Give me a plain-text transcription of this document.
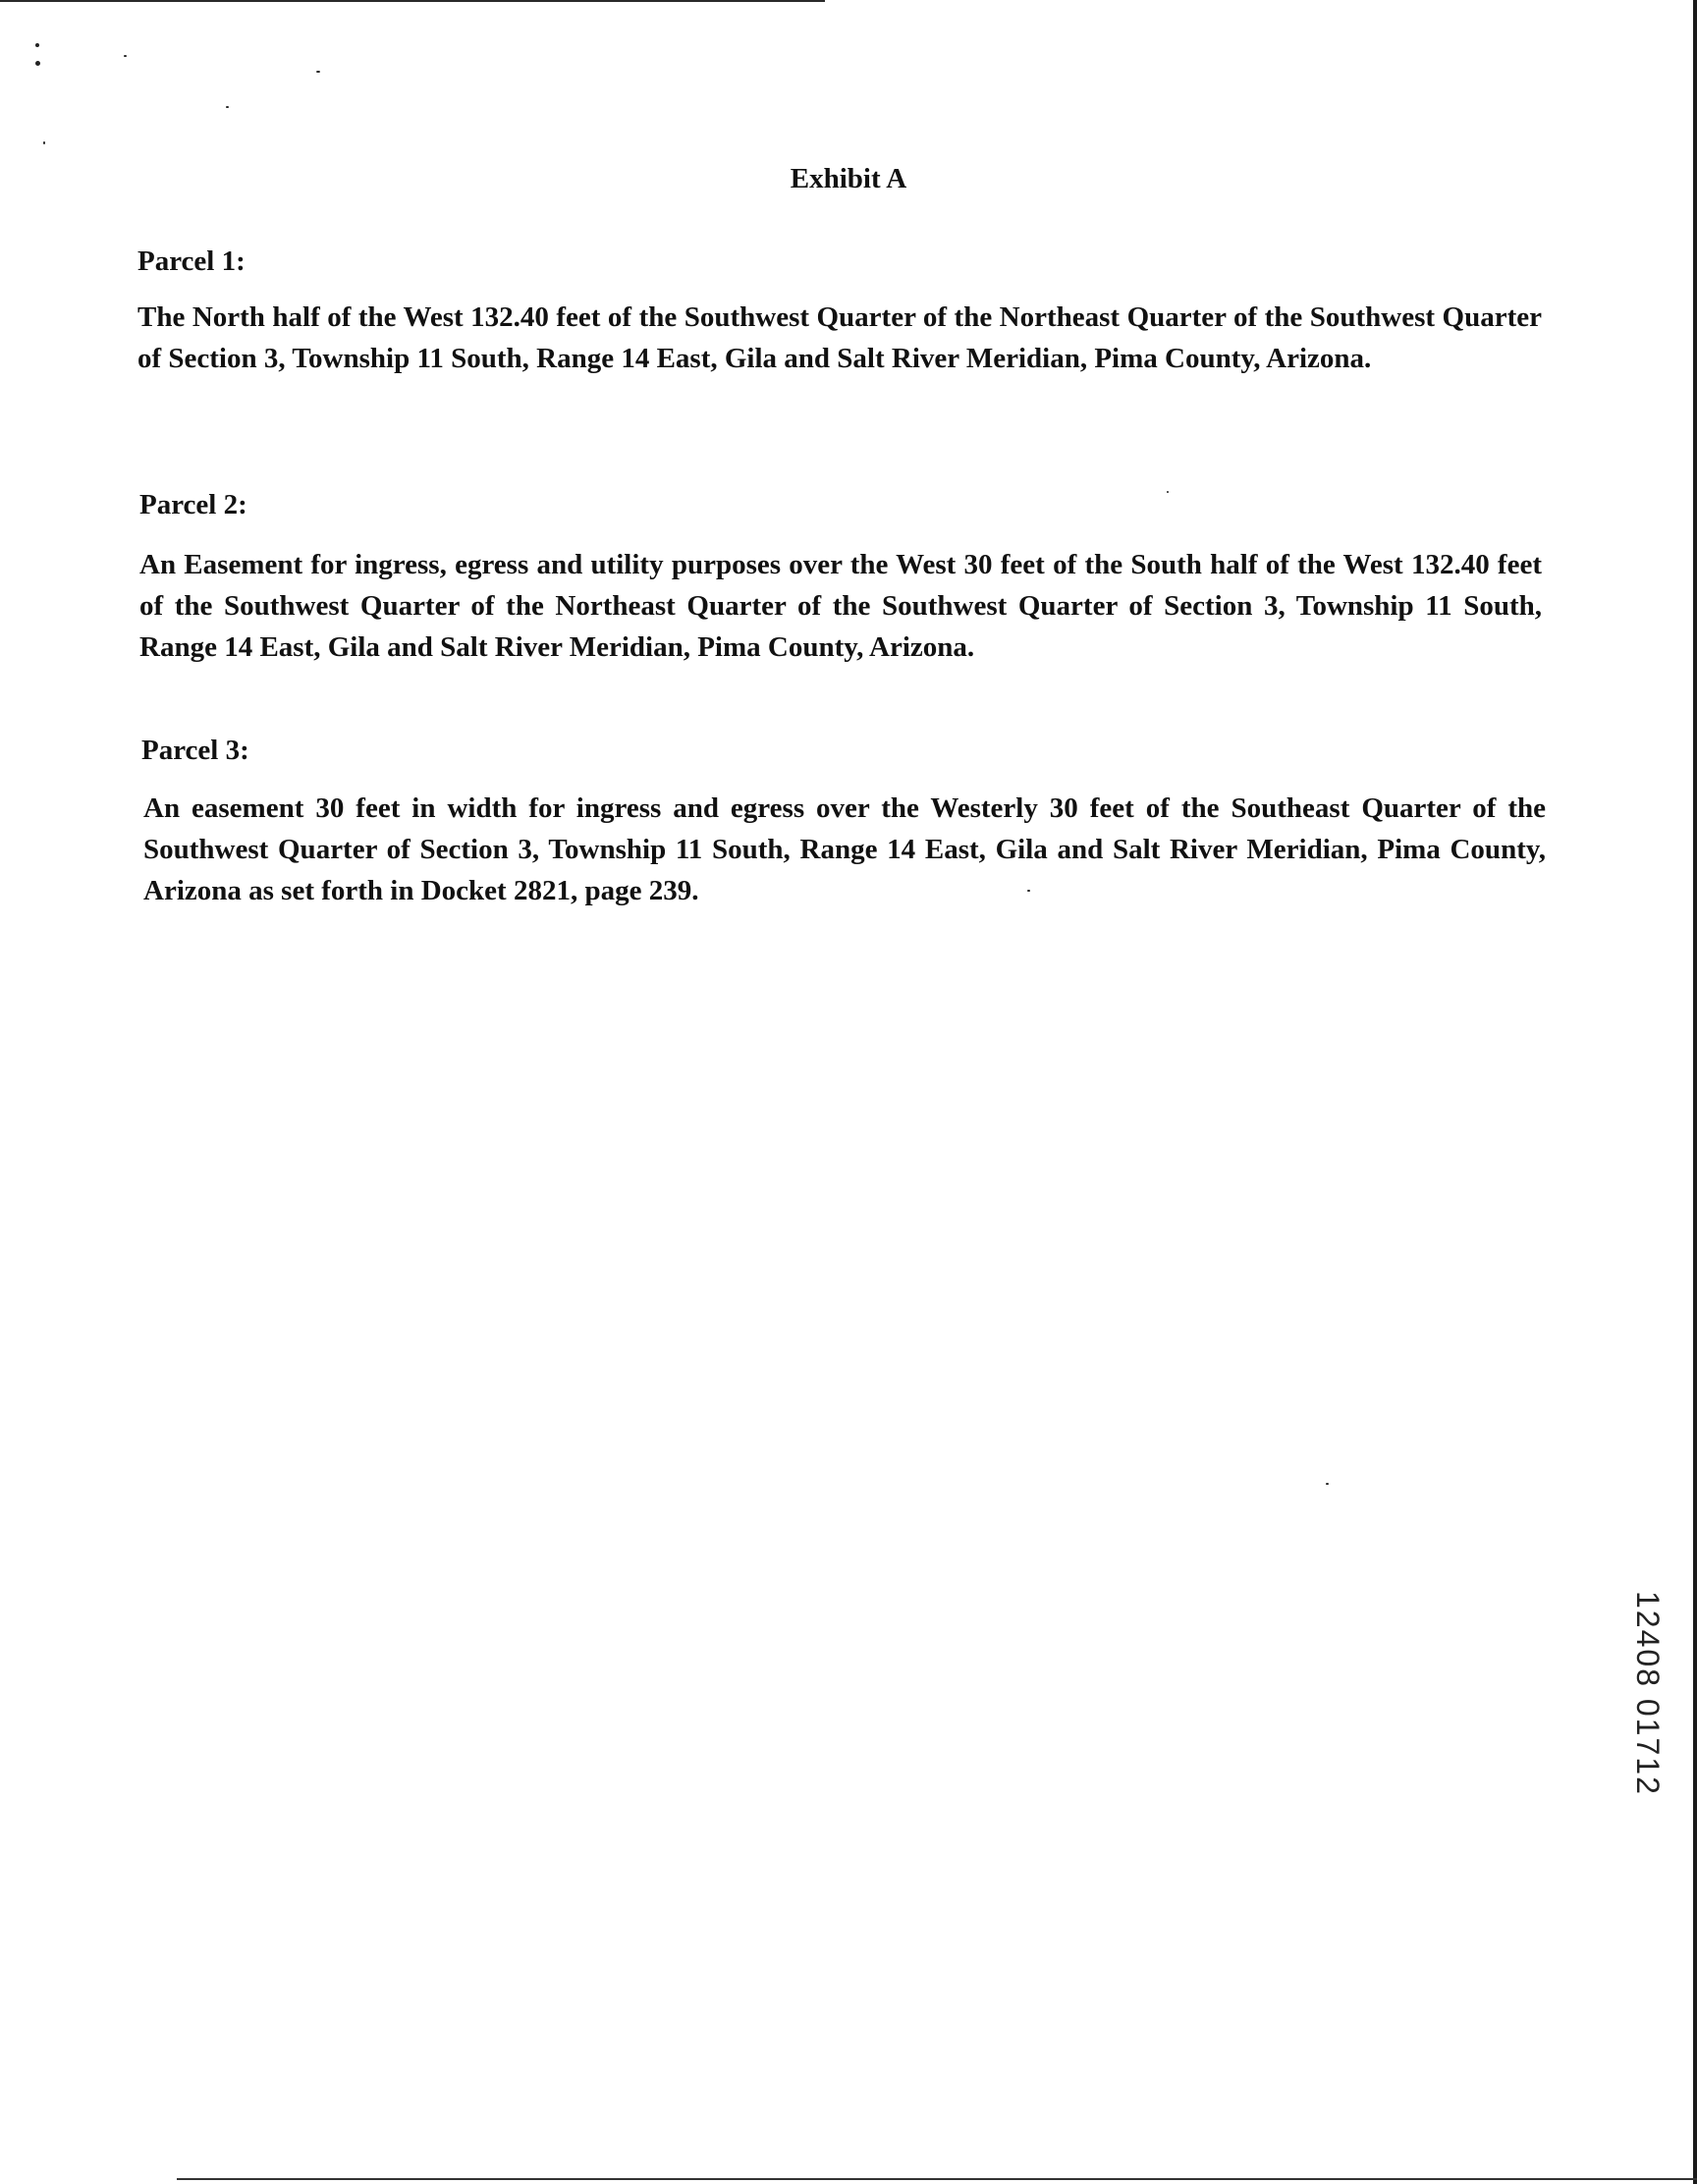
Exhibit A
Parcel 1:

The North half of the West 132.40 feet of the Southwest Quarter of the Northeast Quarter of the Southwest Quarter of Section 3, Township 11 South, Range 14 East, Gila and Salt River Meridian, Pima County, Arizona.

Parcel 2:

An Easement for ingress, egress and utility purposes over the West 30 feet of the South half of the West 132.40 feet of the Southwest Quarter of the Northeast Quarter of the Southwest Quarter of Section 3, Township 11 South, Range 14 East, Gila and Salt River Meridian, Pima County, Arizona.

Parcel 3:

An easement 30 feet in width for ingress and egress over the Westerly 30 feet of the Southeast Quarter of the Southwest Quarter of Section 3, Township 11 South, Range 14 East, Gila and Salt River Meridian, Pima County, Arizona as set forth in Docket 2821, page 239.

12408 01712
